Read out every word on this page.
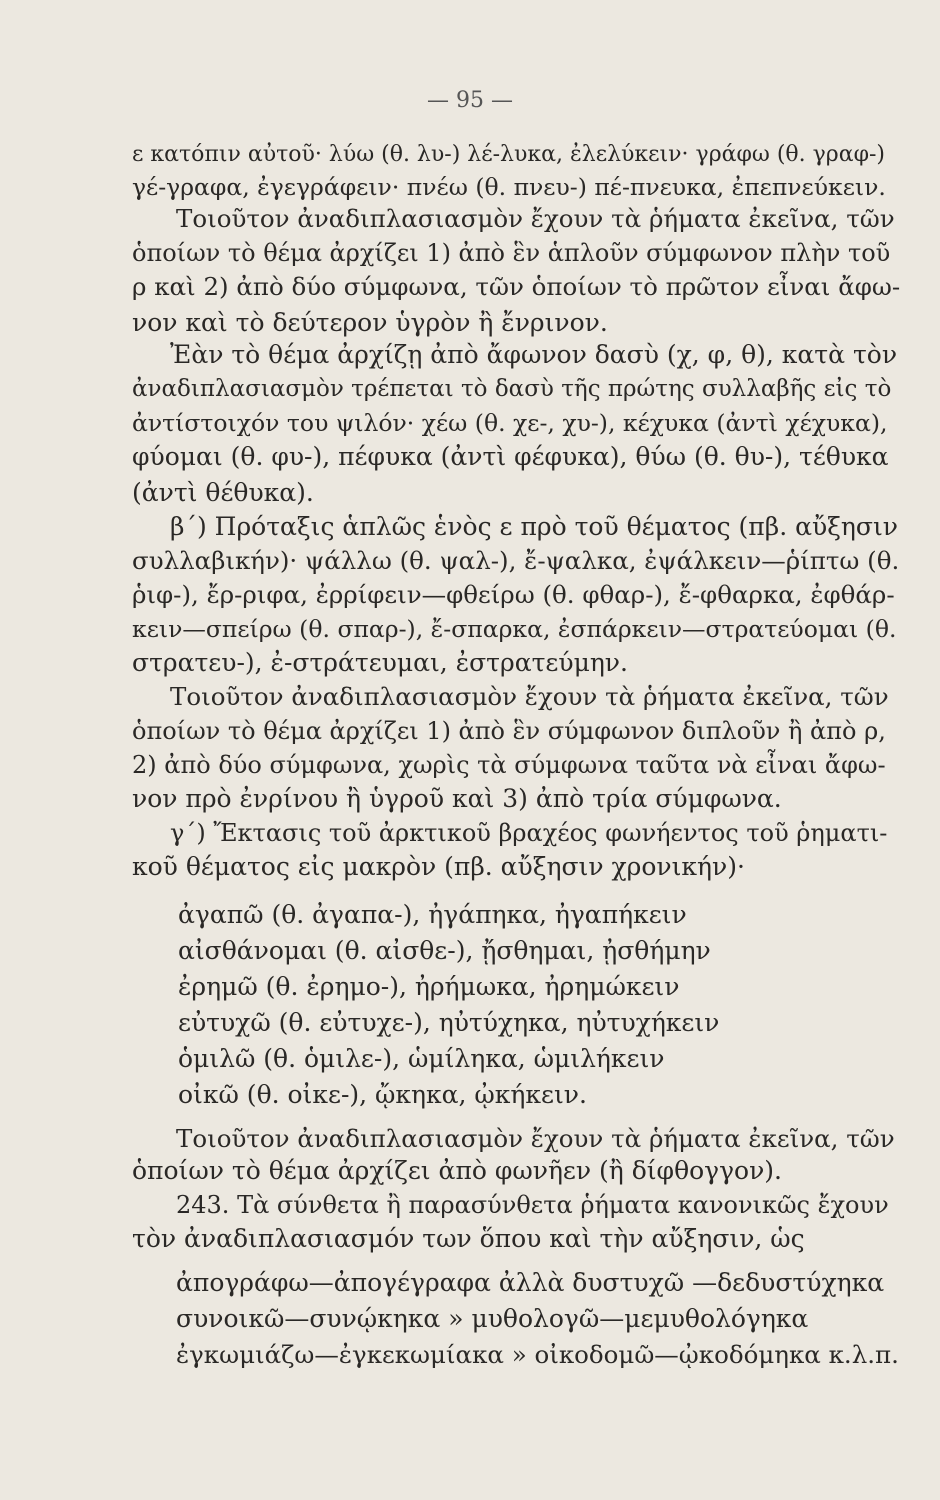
— 95 —
ε κατόπιν αὐτοῦ· λύω (θ. λυ-) λέ-λυκα, ἐλελύκειν· γράφω (θ. γραφ-)
γέ-γραφα, ἐγεγράφειν· πνέω (θ. πνευ-) πέ-πνευκα, ἐπεπνεύκειν.
Τοιοῦτον ἀναδιπλασιασμὸν ἔχουν τὰ ῥήματα ἐκεῖνα, τῶν
ὁποίων τὸ θέμα ἀρχίζει 1) ἀπὸ ἓν ἁπλοῦν σύμφωνον πλὴν τοῦ
ρ καὶ 2) ἀπὸ δύο σύμφωνα, τῶν ὁποίων τὸ πρῶτον εἶναι ἄφω-
νον καὶ τὸ δεύτερον ὑγρὸν ἢ ἔνρινον.
Ἐὰν τὸ θέμα ἀρχίζῃ ἀπὸ ἄφωνον δασὺ (χ, φ, θ), κατὰ τὸν
ἀναδιπλασιασμὸν τρέπεται τὸ δασὺ τῆς πρώτης συλλαβῆς εἰς τὸ
ἀντίστοιχόν του ψιλόν· χέω (θ. χε-, χυ-), κέχυκα (ἀντὶ χέχυκα),
φύομαι (θ. φυ-), πέφυκα (ἀντὶ φέφυκα), θύω (θ. θυ-), τέθυκα
(ἀντὶ θέθυκα).
β΄) Πρόταξις ἁπλῶς ἑνὸς ε πρὸ τοῦ θέματος (πβ. αὔξησιν
συλλαβικήν)· ψάλλω (θ. ψαλ-), ἔ-ψαλκα, ἐψάλκειν—ῥίπτω (θ.
ῥιφ-), ἔρ-ριφα, ἐρρίφειν—φθείρω (θ. φθαρ-), ἔ-φθαρκα, ἐφθάρ-
κειν—σπείρω (θ. σπαρ-), ἔ-σπαρκα, ἐσπάρκειν—στρατεύομαι (θ.
στρατευ-), ἐ-στράτευμαι, ἐστρατεύμην.
Τοιοῦτον ἀναδιπλασιασμὸν ἔχουν τὰ ῥήματα ἐκεῖνα, τῶν
ὁποίων τὸ θέμα ἀρχίζει 1) ἀπὸ ἓν σύμφωνον διπλοῦν ἢ ἀπὸ ρ,
2) ἀπὸ δύο σύμφωνα, χωρὶς τὰ σύμφωνα ταῦτα νὰ εἶναι ἄφω-
νον πρὸ ἐνρίνου ἢ ὑγροῦ καὶ 3) ἀπὸ τρία σύμφωνα.
γ΄) Ἔκτασις τοῦ ἀρκτικοῦ βραχέος φωνήεντος τοῦ ῥηματι-
κοῦ θέματος εἰς μακρὸν (πβ. αὔξησιν χρονικήν)·
ἀγαπῶ (θ. ἀγαπα-), ἠγάπηκα, ἠγαπήκειν
αἰσθάνομαι (θ. αἰσθε-), ᾔσθημαι, ᾐσθήμην
ἐρημῶ (θ. ἐρημο-), ἠρήμωκα, ἠρημώκειν
εὐτυχῶ (θ. εὐτυχε-), ηὐτύχηκα, ηὐτυχήκειν
ὁμιλῶ (θ. ὁμιλε-), ὡμίληκα, ὡμιλήκειν
οἰκῶ (θ. οἰκε-), ᾤκηκα, ᾠκήκειν.
Τοιοῦτον ἀναδιπλασιασμὸν ἔχουν τὰ ῥήματα ἐκεῖνα, τῶν
ὁποίων τὸ θέμα ἀρχίζει ἀπὸ φωνῆεν (ἢ δίφθογγον).
243. Τὰ σύνθετα ἢ παρασύνθετα ῥήματα κανονικῶς ἔχουν
τὸν ἀναδιπλασιασμόν των ὅπου καὶ τὴν αὔξησιν, ὡς
ἀπογράφω—ἀπογέγραφα ἀλλὰ δυστυχῶ —δεδυστύχηκα
συνοικῶ—συνῴκηκα » μυθολογῶ—μεμυθολόγηκα
ἐγκωμιάζω—ἐγκεκωμίακα » οἰκοδομῶ—ᾠκοδόμηκα κ.λ.π.
